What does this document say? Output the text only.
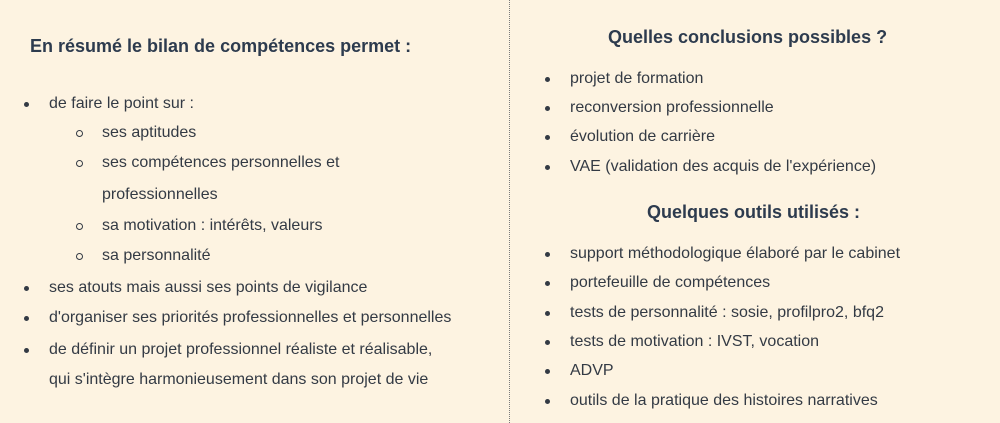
En résumé le bilan de compétences permet :
de faire le point sur :
ses aptitudes
ses compétences personnelles et
professionnelles
sa motivation : intérêts, valeurs
sa personnalité
ses atouts mais aussi ses points de vigilance
d'organiser ses priorités professionnelles et personnelles
de définir un projet professionnel réaliste et réalisable,
qui s'intègre harmonieusement dans son projet de vie
Quelles conclusions possibles ?
Quelques outils utilisés :
projet de formation
reconversion professionnelle
évolution de carrière
VAE (validation des acquis de l'expérience)
support méthodologique élaboré par le cabinet
portefeuille de compétences
tests de personnalité : sosie, profilpro2, bfq2
tests de motivation : IVST, vocation
ADVP
outils de la pratique des histoires narratives
